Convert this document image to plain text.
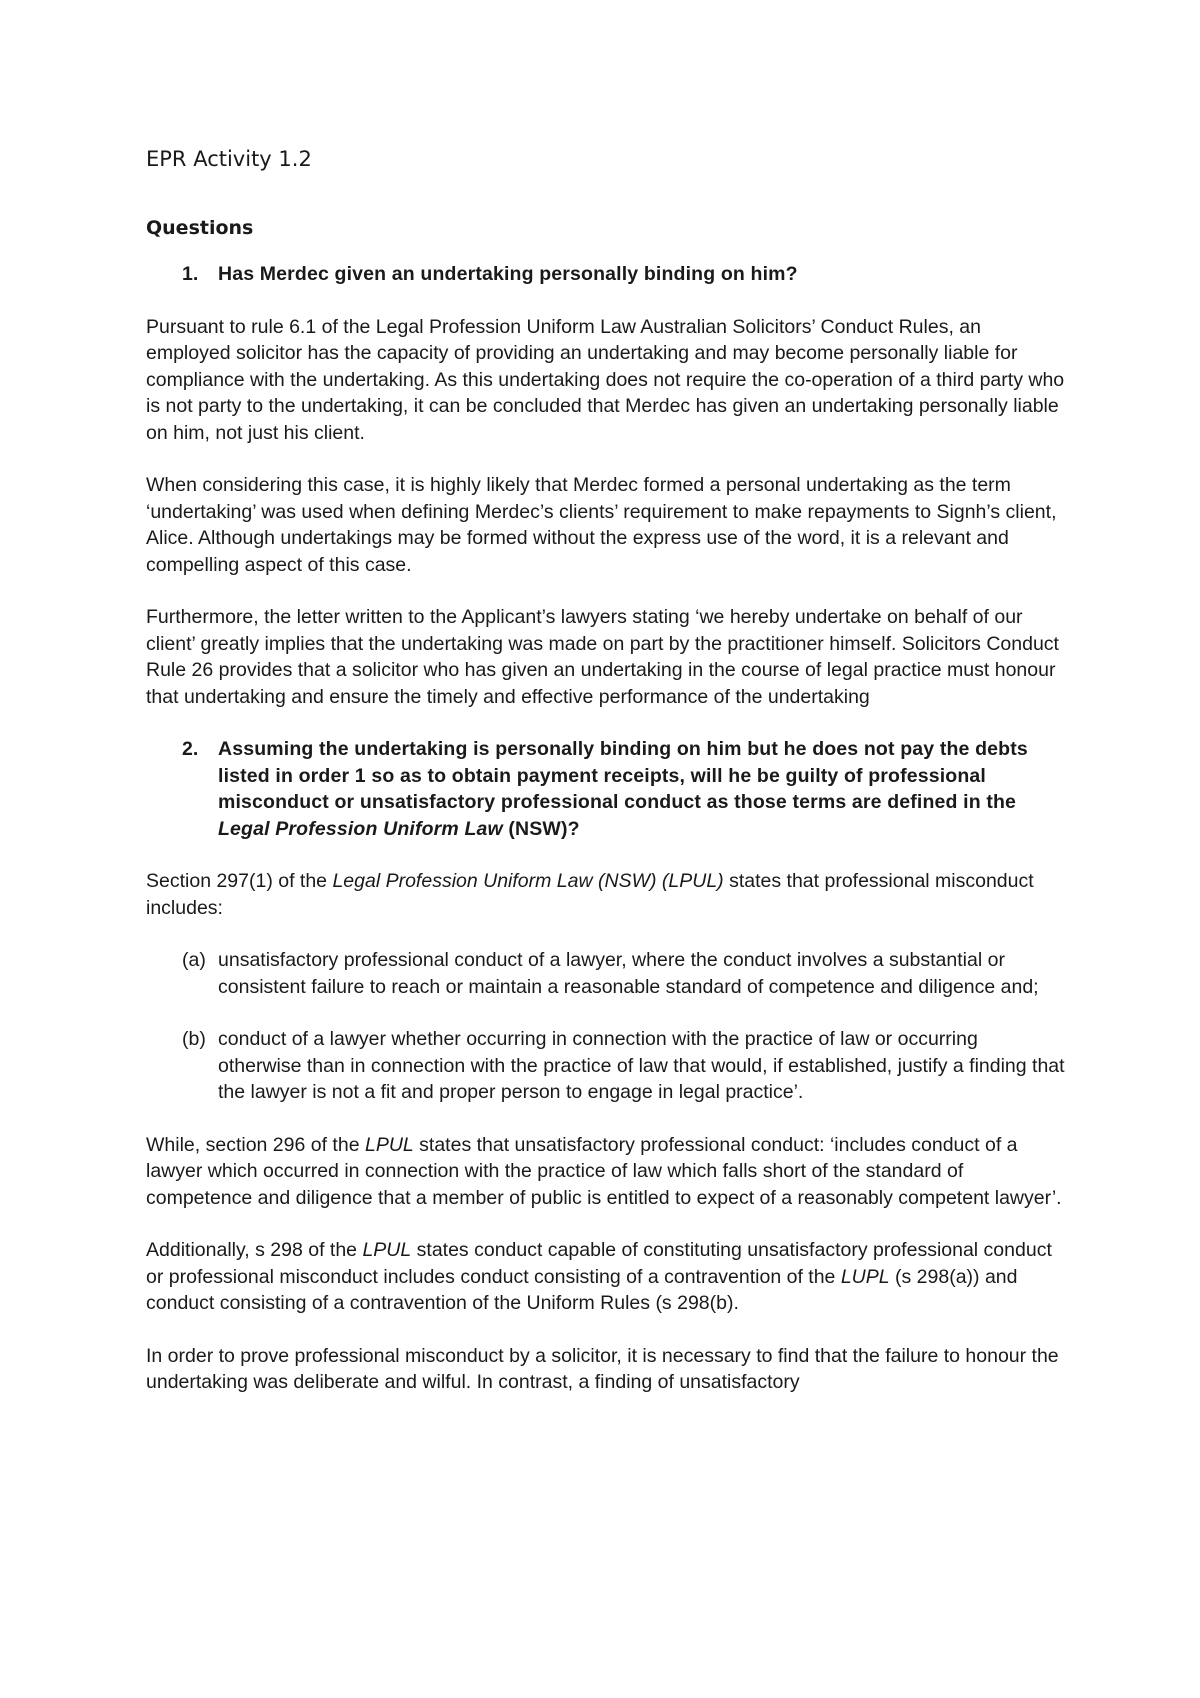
EPR Activity 1.2
Questions
1.	Has Merdec given an undertaking personally binding on him?

Pursuant to rule 6.1 of the Legal Profession Uniform Law Australian Solicitors’ Conduct Rules, an employed solicitor has the capacity of providing an undertaking and may become personally liable for compliance with the undertaking. As this undertaking does not require the co-operation of a third party who is not party to the undertaking, it can be concluded that Merdec has given an undertaking personally liable on him, not just his client.

When considering this case, it is highly likely that Merdec formed a personal undertaking as the term ‘undertaking’ was used when defining Merdec’s clients’ requirement to make repayments to Signh’s client, Alice. Although undertakings may be formed without the express use of the word, it is a relevant and compelling aspect of this case.

Furthermore, the letter written to the Applicant’s lawyers stating ‘we hereby undertake on behalf of our client’ greatly implies that the undertaking was made on part by the practitioner himself. Solicitors Conduct Rule 26 provides that a solicitor who has given an undertaking in the course of legal practice must honour that undertaking and ensure the timely and effective performance of the undertaking

2.	Assuming the undertaking is personally binding on him but he does not pay the debts listed in order 1 so as to obtain payment receipts, will he be guilty of professional misconduct or unsatisfactory professional conduct as those terms are defined in the Legal Profession Uniform Law (NSW)?

Section 297(1) of the Legal Profession Uniform Law (NSW) (LPUL) states that professional misconduct includes:

(a) unsatisfactory professional conduct of a lawyer, where the conduct involves a substantial or consistent failure to reach or maintain a reasonable standard of competence and diligence and;
(b) conduct of a lawyer whether occurring in connection with the practice of law or occurring otherwise than in connection with the practice of law that would, if established, justify a finding that the lawyer is not a fit and proper person to engage in legal practice’.

While, section 296 of the LPUL states that unsatisfactory professional conduct: ‘includes conduct of a lawyer which occurred in connection with the practice of law which falls short of the standard of competence and diligence that a member of public is entitled to expect of a reasonably competent lawyer’.

Additionally, s 298 of the LPUL states conduct capable of constituting unsatisfactory professional conduct or professional misconduct includes conduct consisting of a contravention of the LUPL (s 298(a)) and conduct consisting of a contravention of the Uniform Rules (s 298(b).

In order to prove professional misconduct by a solicitor, it is necessary to find that the failure to honour the undertaking was deliberate and wilful. In contrast, a finding of unsatisfactory
